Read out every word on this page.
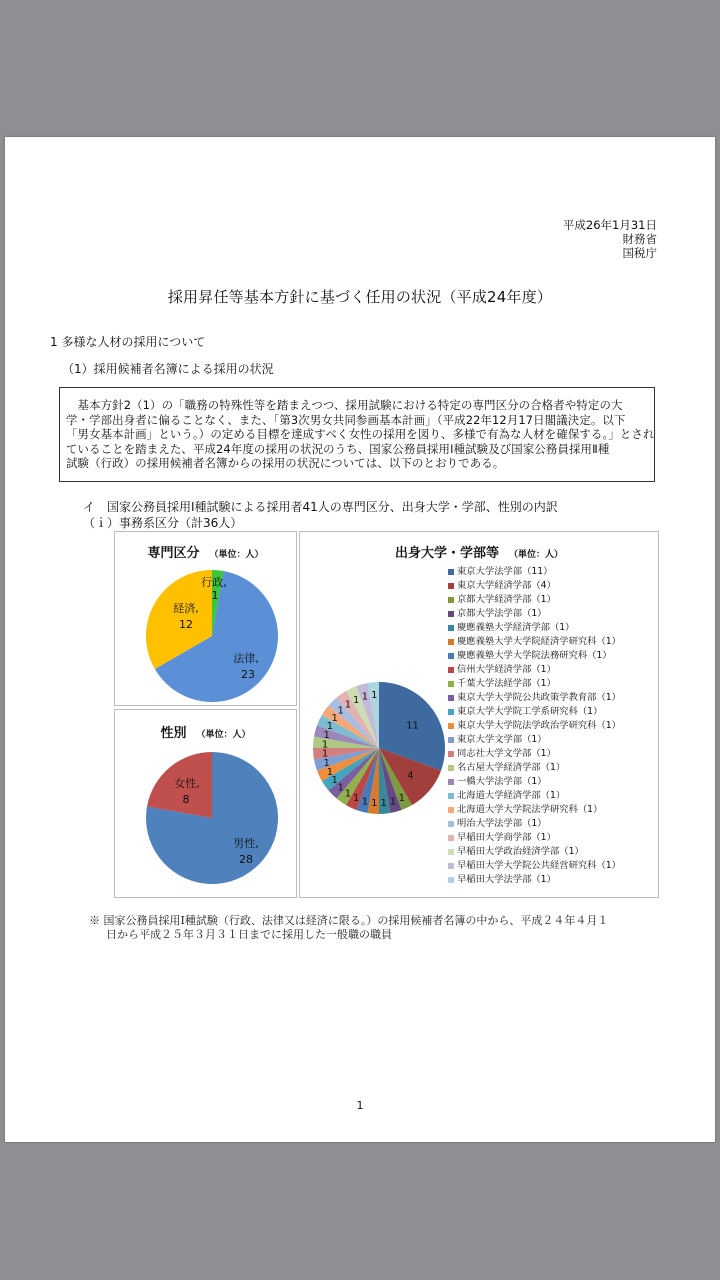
平成26年1月31日
財務省
国税庁
採用昇任等基本方針に基づく任用の状況（平成24年度）
1 多様な人材の採用について
（1）採用候補者名簿による採用の状況

　基本方針2（1）の「職務の特殊性等を踏まえつつ、採用試験における特定の専門区分の合格者や特定の大

学・学部出身者に偏ることなく、また、「第3次男女共同参画基本計画」（平成22年12月17日閣議決定。以下

「男女基本計画」という。）の定める目標を達成すべく女性の採用を図り、多様で有為な人材を確保する。」とされ

ていることを踏まえた、平成24年度の採用の状況のうち、国家公務員採用Ⅰ種試験及び国家公務員採用Ⅱ種

試験（行政）の採用候補者名簿からの採用の状況については、以下のとおりである。

イ　国家公務員採用Ⅰ種試験による採用者41人の専門区分、出身大学・学部、性別の内訳
（ｉ）事務系区分（計36人）
専門区分 （単位：人）
行政,
1
経済,
12
法律,
23
性別 （単位：人）
女性,
8
男性,
28
出身大学・学部等 （単位：人）
11
4
1
1
1
1
1
1
1
1
1
1
1
1
1
1
1
1
1
1 1 1 1
東京大学法学部（11）
東京大学経済学部（4）
京都大学経済学部（1）
京都大学法学部（1）
慶應義塾大学経済学部（1）
慶應義塾大学大学院経済学研究科（1）
慶應義塾大学大学院法務研究科（1）
信州大学経済学部（1）
千葉大学法経学部（1）
東京大学大学院公共政策学教育部（1）
東京大学大学院工学系研究科（1）
東京大学大学院法学政治学研究科（1）
東京大学文学部（1）
同志社大学文学部（1）
名古屋大学経済学部（1）
一橋大学法学部（1）
北海道大学経済学部（1）
北海道大学大学院法学研究科（1）
明治大学法学部（1）
早稲田大学商学部（1）
早稲田大学政治経済学部（1）
早稲田大学大学院公共経営研究科（1）
早稲田大学法学部（1）
※ 国家公務員採用Ⅰ種試験（行政、法律又は経済に限る。）の採用候補者名簿の中から、平成２４年４月１
日から平成２５年３月３１日までに採用した一般職の職員
1
